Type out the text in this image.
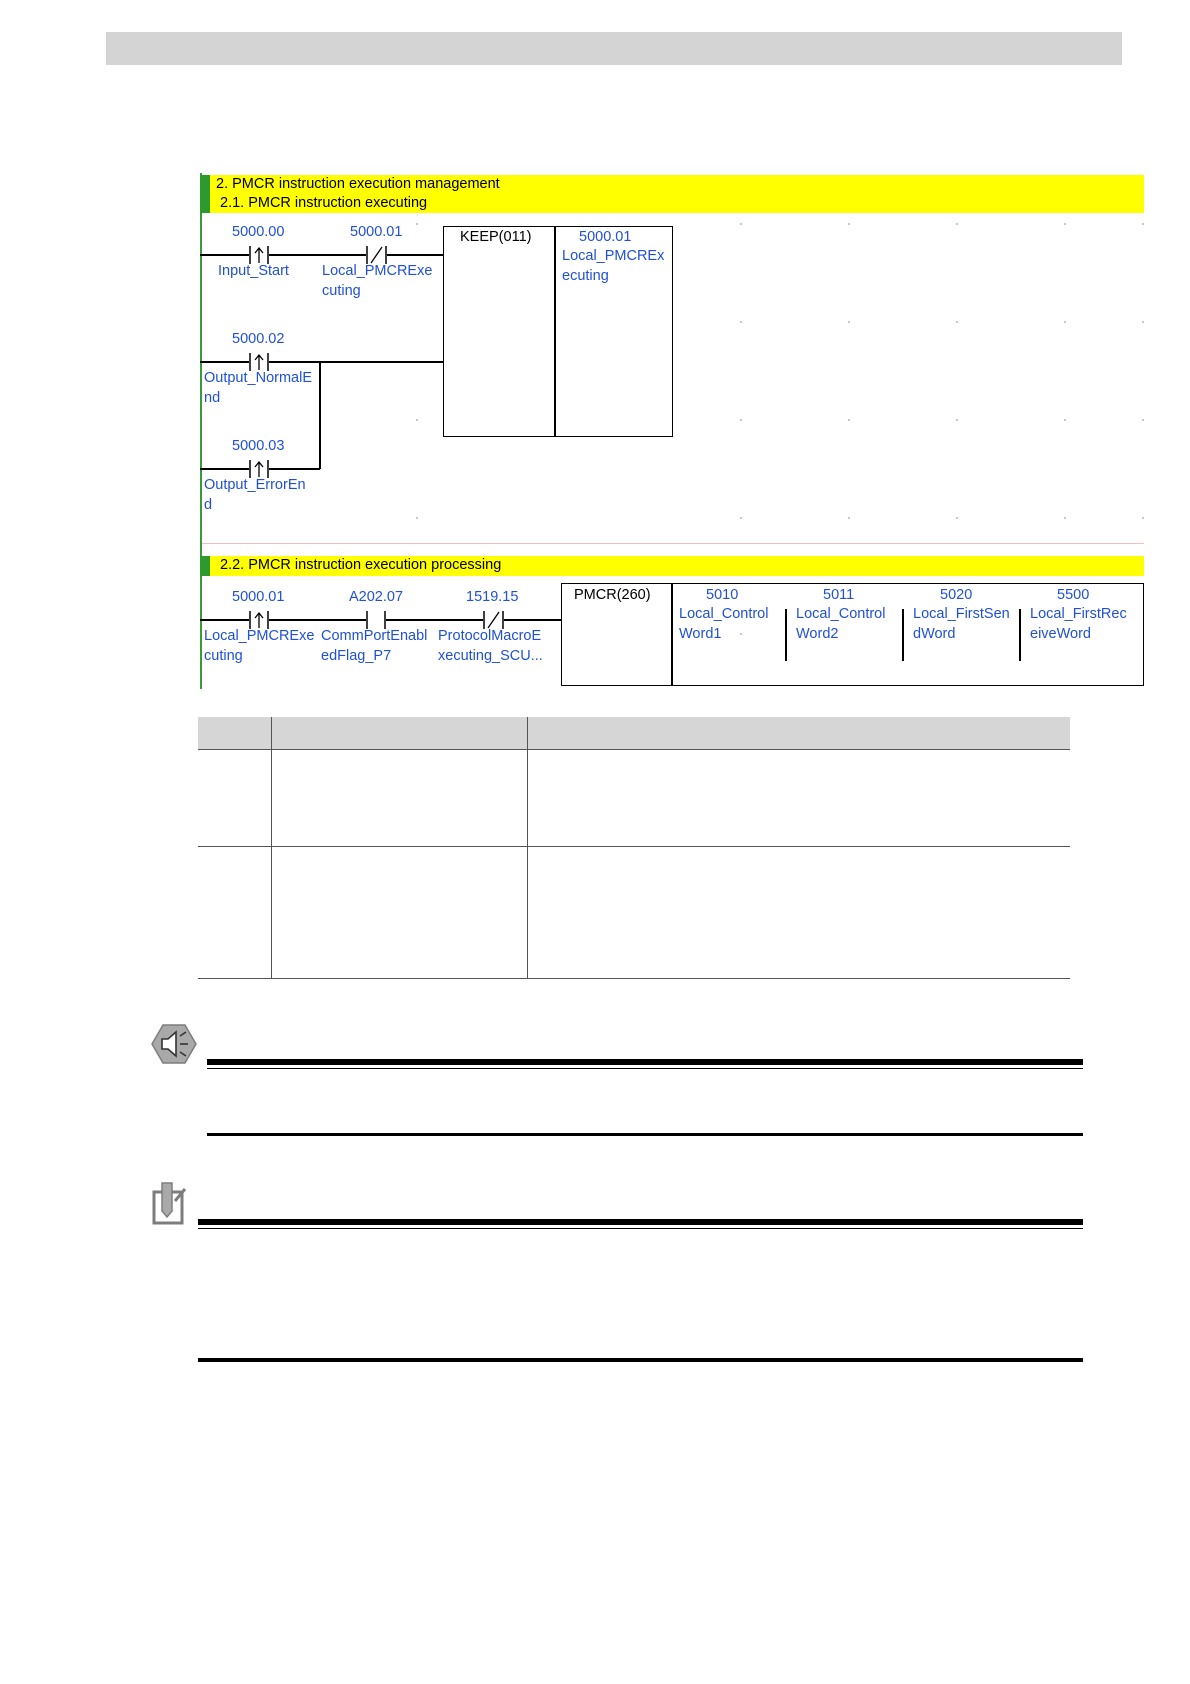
2. PMCR instruction execution management
2.1. PMCR instruction executing
5000.00
Input_Start
5000.01
Local_PMCRExe
cuting
5000.02
Output_NormalE
nd
5000.03
Output_ErrorEn
d
KEEP(011)	5000.01
Local_PMCREx
ecuting
2.2. PMCR instruction execution processing
5000.01
Local_PMCRExe
cuting
A202.07
CommPortEnabl
edFlag_P7
1519.15
ProtocolMacroE
xecuting_SCU...
PMCR(260)	5010
Local_Control
Word1
5011
Local_Control
Word2
5020
Local_FirstSen
dWord
5500
Local_FirstRec
eiveWord
